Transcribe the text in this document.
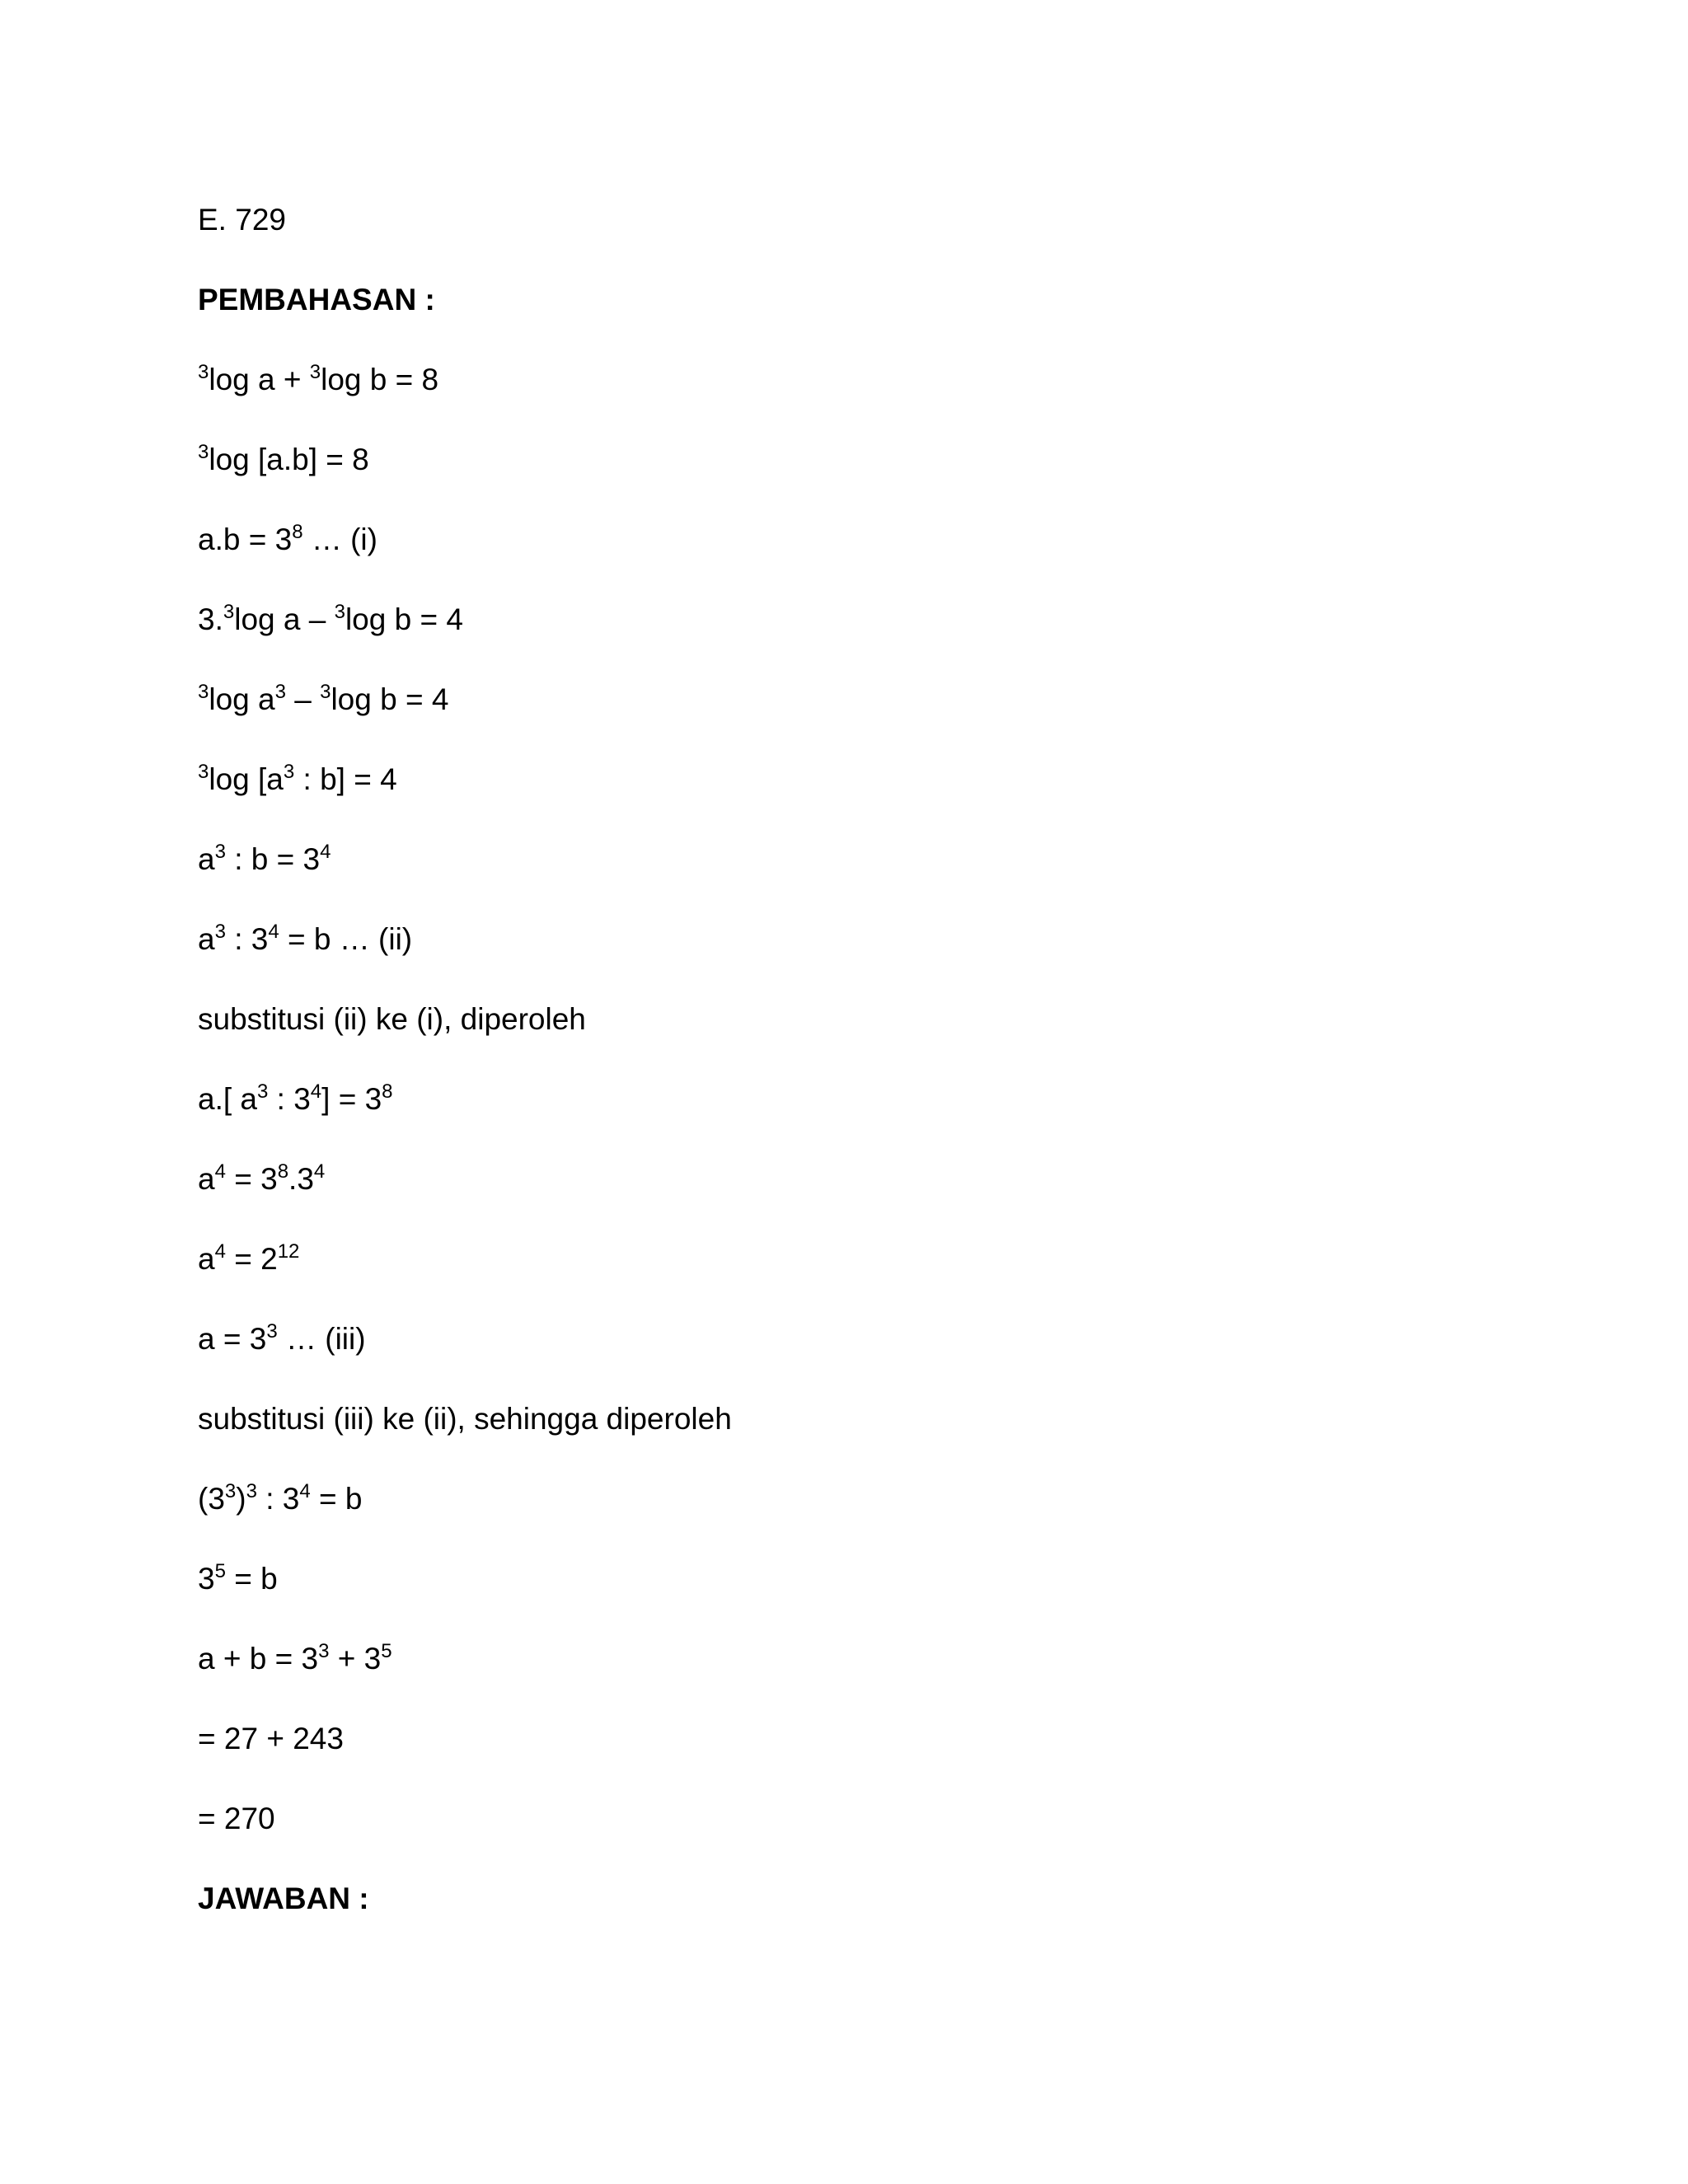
E. 729

PEMBAHASAN :

$^3$log a + $^3$log b = 8

$^3$log [a.b] = 8

$a.b = 3^8$ … (i)

3.$^3$log a – $^3$log b = 4

$^3$log $a^3 - ^3\log$ b = 4

$^3$log [$a^3$ : b] = 4

$a^3$ : $b = 3^4$

$a^3$ : $3^4 = b$ … (ii)

substitusi (ii) ke (i), diperoleh

a.[ $a^3$ : $3^4] = 3^8$

$a^4 = 3^8.3^4$

$a^4 = 2^{12}$

$a = 3^3$ … (iii)

substitusi (iii) ke (ii), sehingga diperoleh

$(3^3)^3$ : $3^4 = b$

$3^5 = b$

$a + b = 3^3 + 3^5$

= 27 + 243

= 270

JAWABAN :
